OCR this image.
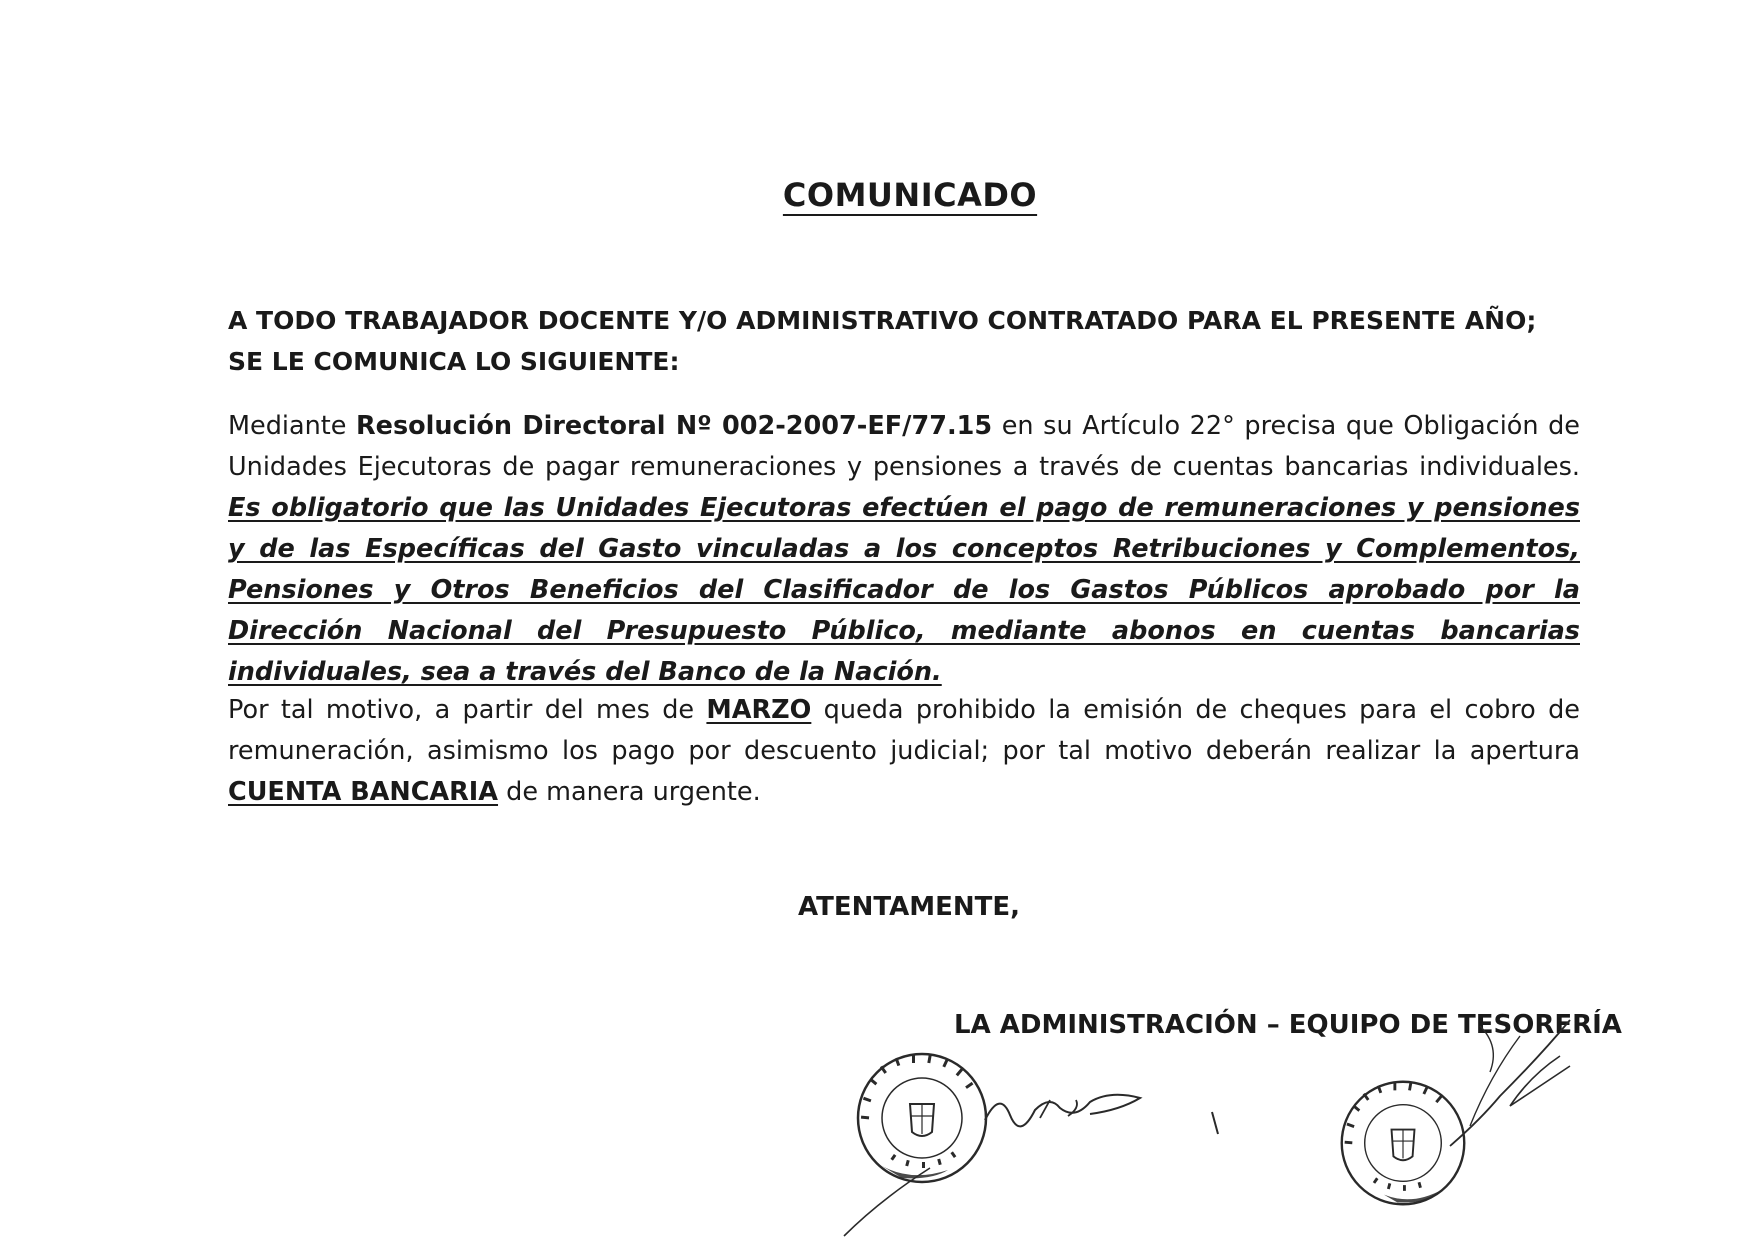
COMUNICADO
A TODO TRABAJADOR DOCENTE Y/O ADMINISTRATIVO CONTRATADO PARA EL PRESENTE AÑO; SE LE COMUNICA LO SIGUIENTE:
Mediante Resolución Directoral Nº 002-2007-EF/77.15 en su Artículo 22° precisa que Obligación de Unidades Ejecutoras de pagar remuneraciones y pensiones a través de cuentas bancarias individuales. Es obligatorio que las Unidades Ejecutoras efectúen el pago de remuneraciones y pensiones y de las Específicas del Gasto vinculadas a los conceptos Retribuciones y Complementos, Pensiones y Otros Beneficios del Clasificador de los Gastos Públicos aprobado por la Dirección Nacional del Presupuesto Público, mediante abonos en cuentas bancarias individuales, sea a través del Banco de la Nación.
Por tal motivo, a partir del mes de MARZO queda prohibido la emisión de cheques para el cobro de remuneración, asimismo los pago por descuento judicial; por tal motivo deberán realizar la apertura CUENTA BANCARIA de manera urgente.
ATENTAMENTE,
LA ADMINISTRACIÓN – EQUIPO DE TESORERÍA
